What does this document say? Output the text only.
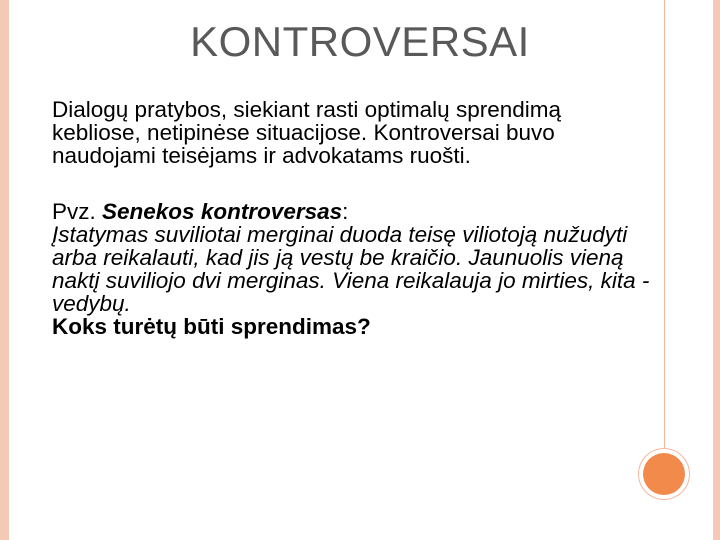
KONTROVERSAI

Dialogų pratybos, siekiant rasti optimalų sprendimą kebliose, netipinėse situacijose. Kontroversai buvo naudojami teisėjams ir advokatams ruošti.

Pvz. Senekos kontroversas:

Įstatymas suviliotai merginai duoda teisę viliotoją nužudyti arba reikalauti, kad jis ją vestų be kraičio. Jaunuolis vieną naktį suviliojo dvi merginas. Viena reikalauja jo mirties, kita - vedybų.

Koks turėtų būti sprendimas?
